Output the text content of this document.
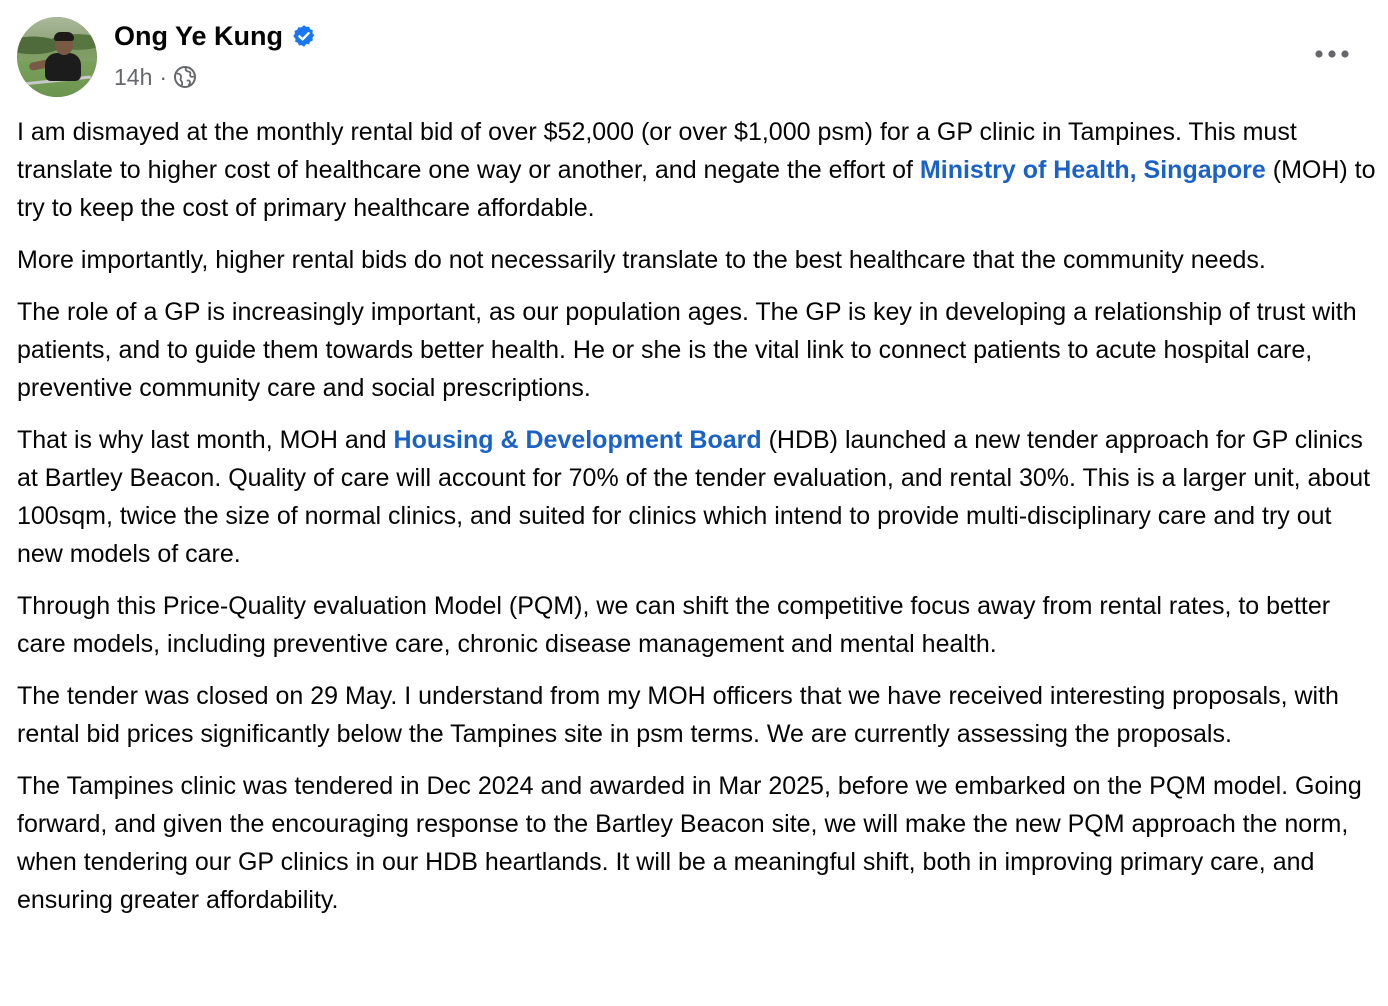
Ong Ye Kung
14h ·

I am dismayed at the monthly rental bid of over $52,000 (or over $1,000 psm) for a GP clinic in Tampines. This must translate to higher cost of healthcare one way or another, and negate the effort of Ministry of Health, Singapore (MOH) to try to keep the cost of primary healthcare affordable.

More importantly, higher rental bids do not necessarily translate to the best healthcare that the community needs.

The role of a GP is increasingly important, as our population ages. The GP is key in developing a relationship of trust with patients, and to guide them towards better health. He or she is the vital link to connect patients to acute hospital care, preventive community care and social prescriptions.

That is why last month, MOH and Housing & Development Board (HDB) launched a new tender approach for GP clinics at Bartley Beacon. Quality of care will account for 70% of the tender evaluation, and rental 30%. This is a larger unit, about 100sqm, twice the size of normal clinics, and suited for clinics which intend to provide multi-disciplinary care and try out new models of care.

Through this Price-Quality evaluation Model (PQM), we can shift the competitive focus away from rental rates, to better care models, including preventive care, chronic disease management and mental health.

The tender was closed on 29 May. I understand from my MOH officers that we have received interesting proposals, with rental bid prices significantly below the Tampines site in psm terms. We are currently assessing the proposals.

The Tampines clinic was tendered in Dec 2024 and awarded in Mar 2025, before we embarked on the PQM model. Going forward, and given the encouraging response to the Bartley Beacon site, we will make the new PQM approach the norm, when tendering our GP clinics in our HDB heartlands. It will be a meaningful shift, both in improving primary care, and ensuring greater affordability.
